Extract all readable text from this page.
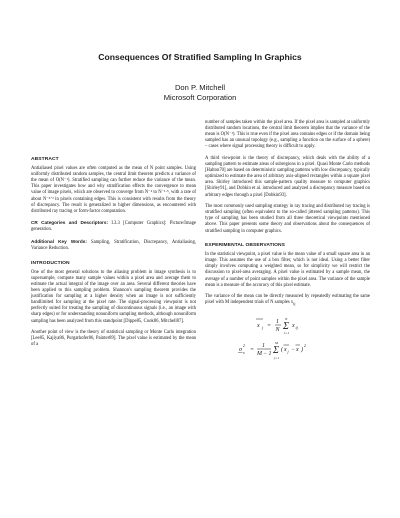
Consequences Of Stratified Sampling In Graphics
Don P. Mitchell
Microsoft Corporation
ABSTRACT

Antialiased pixel values are often computed as the mean of N point samples. Using uniformly distributed random samples, the central limit theorem predicts a variance of the mean of O(N⁻¹). Stratified sampling can further reduce the variance of the mean. This paper investigates how and why stratification effects the convergence to mean value of image pixels, which are observed to converge from N⁻² to N⁻¹·⁵, with a rate of about N⁻³ᐟ² in pixels containing edges. This is consistent with results from the theory of discrepancy. The result is generalized to higher dimensions, as encountered with distributed ray tracing or form-factor computation.

CR Categories and Descriptors: I.3.3 [Computer Graphics]: Picture/Image generation.

Additional Key Words: Sampling, Stratification, Discrepancy, Antialiasing, Variance Reduction.

INTRODUCTION

One of the most general solutions to the aliasing problem in image synthesis is to supersample, compute many sample values within a pixel area and average them to estimate the actual integral of the image over an area. Several different theories have been applied to this sampling problem. Shannon's sampling theorem provides the justification for sampling at a higher density when an image is not sufficiently bandlimited for sampling at the pixel rate. The signal-processing viewpoint is not perfectly suited for treating the sampling of discontinuous signals (i.e., an image with sharp edges) or for understanding nonuniform sampling methods, although nonuniform sampling has been analyzed from this standpoint [Dippe85, Cook86, Mitchell87].

Another point of view is the theory of statistical sampling or Monte Carlo integration [Lee85, Kajiya86, Purgathofer86, Painter89]. The pixel value is estimated by the mean of a

number of samples taken within the pixel area. If the pixel area is sampled at uniformly distributed random locations, the central limit theorem implies that the variance of the mean is O(N⁻¹). This is true even if the pixel area contains edges or if the domain being sampled has an unusual topology (e.g., sampling a function on the surface of a sphere) – cases where signal processing theory is difficult to apply.

A third viewpoint is the theory of discrepancy, which deals with the ability of a sampling pattern to estimate areas of subregions in a pixel. Quasi Monte Carlo methods [Halton70] are based on deterministic sampling patterns with low discrepancy, typically optimized to estimate the area of arbitrary axis-aligned rectangles within a square pixel area. Shirley introduced this sample-pattern quality measure to computer graphics [Shirley91], and Dobkin et al. introduced and analyzed a discrepancy measure based on arbitrary edges through a pixel [Dobkin93].

The most commonly used sampling strategy in ray tracing and distributed ray tracing is stratified sampling (often equivalent to the so-called jittered sampling patterns). This type of sampling has been studied from all three theoretical viewpoints mentioned above. This paper presents some theory and observations about the consequences of stratified sampling in computer graphics.

EXPERIMENTAL OBSERVATIONS

In the statistical viewpoint, a pixel value is the mean value of a small square area in an image. This assumes the use of a box filter, which is not ideal. Using a better filter simply involves computing a weighted mean, so for simplicity we will restrict the discussion to pixel-area averaging. A pixel value is estimated by a sample mean, the average of a number of point samples within the pixel area. The variance of the sample mean is a measure of the accuracy of this pixel estimate.

The variance of the mean can be directly measured by repeatedly estimating the same pixel with M independent trials of N samples $x_{ij}$

x j =
1
N Σ
i=1
N
x ij
σ
2
x =
1
M − 1 Σ
j=1
M
( x j − x )
2
